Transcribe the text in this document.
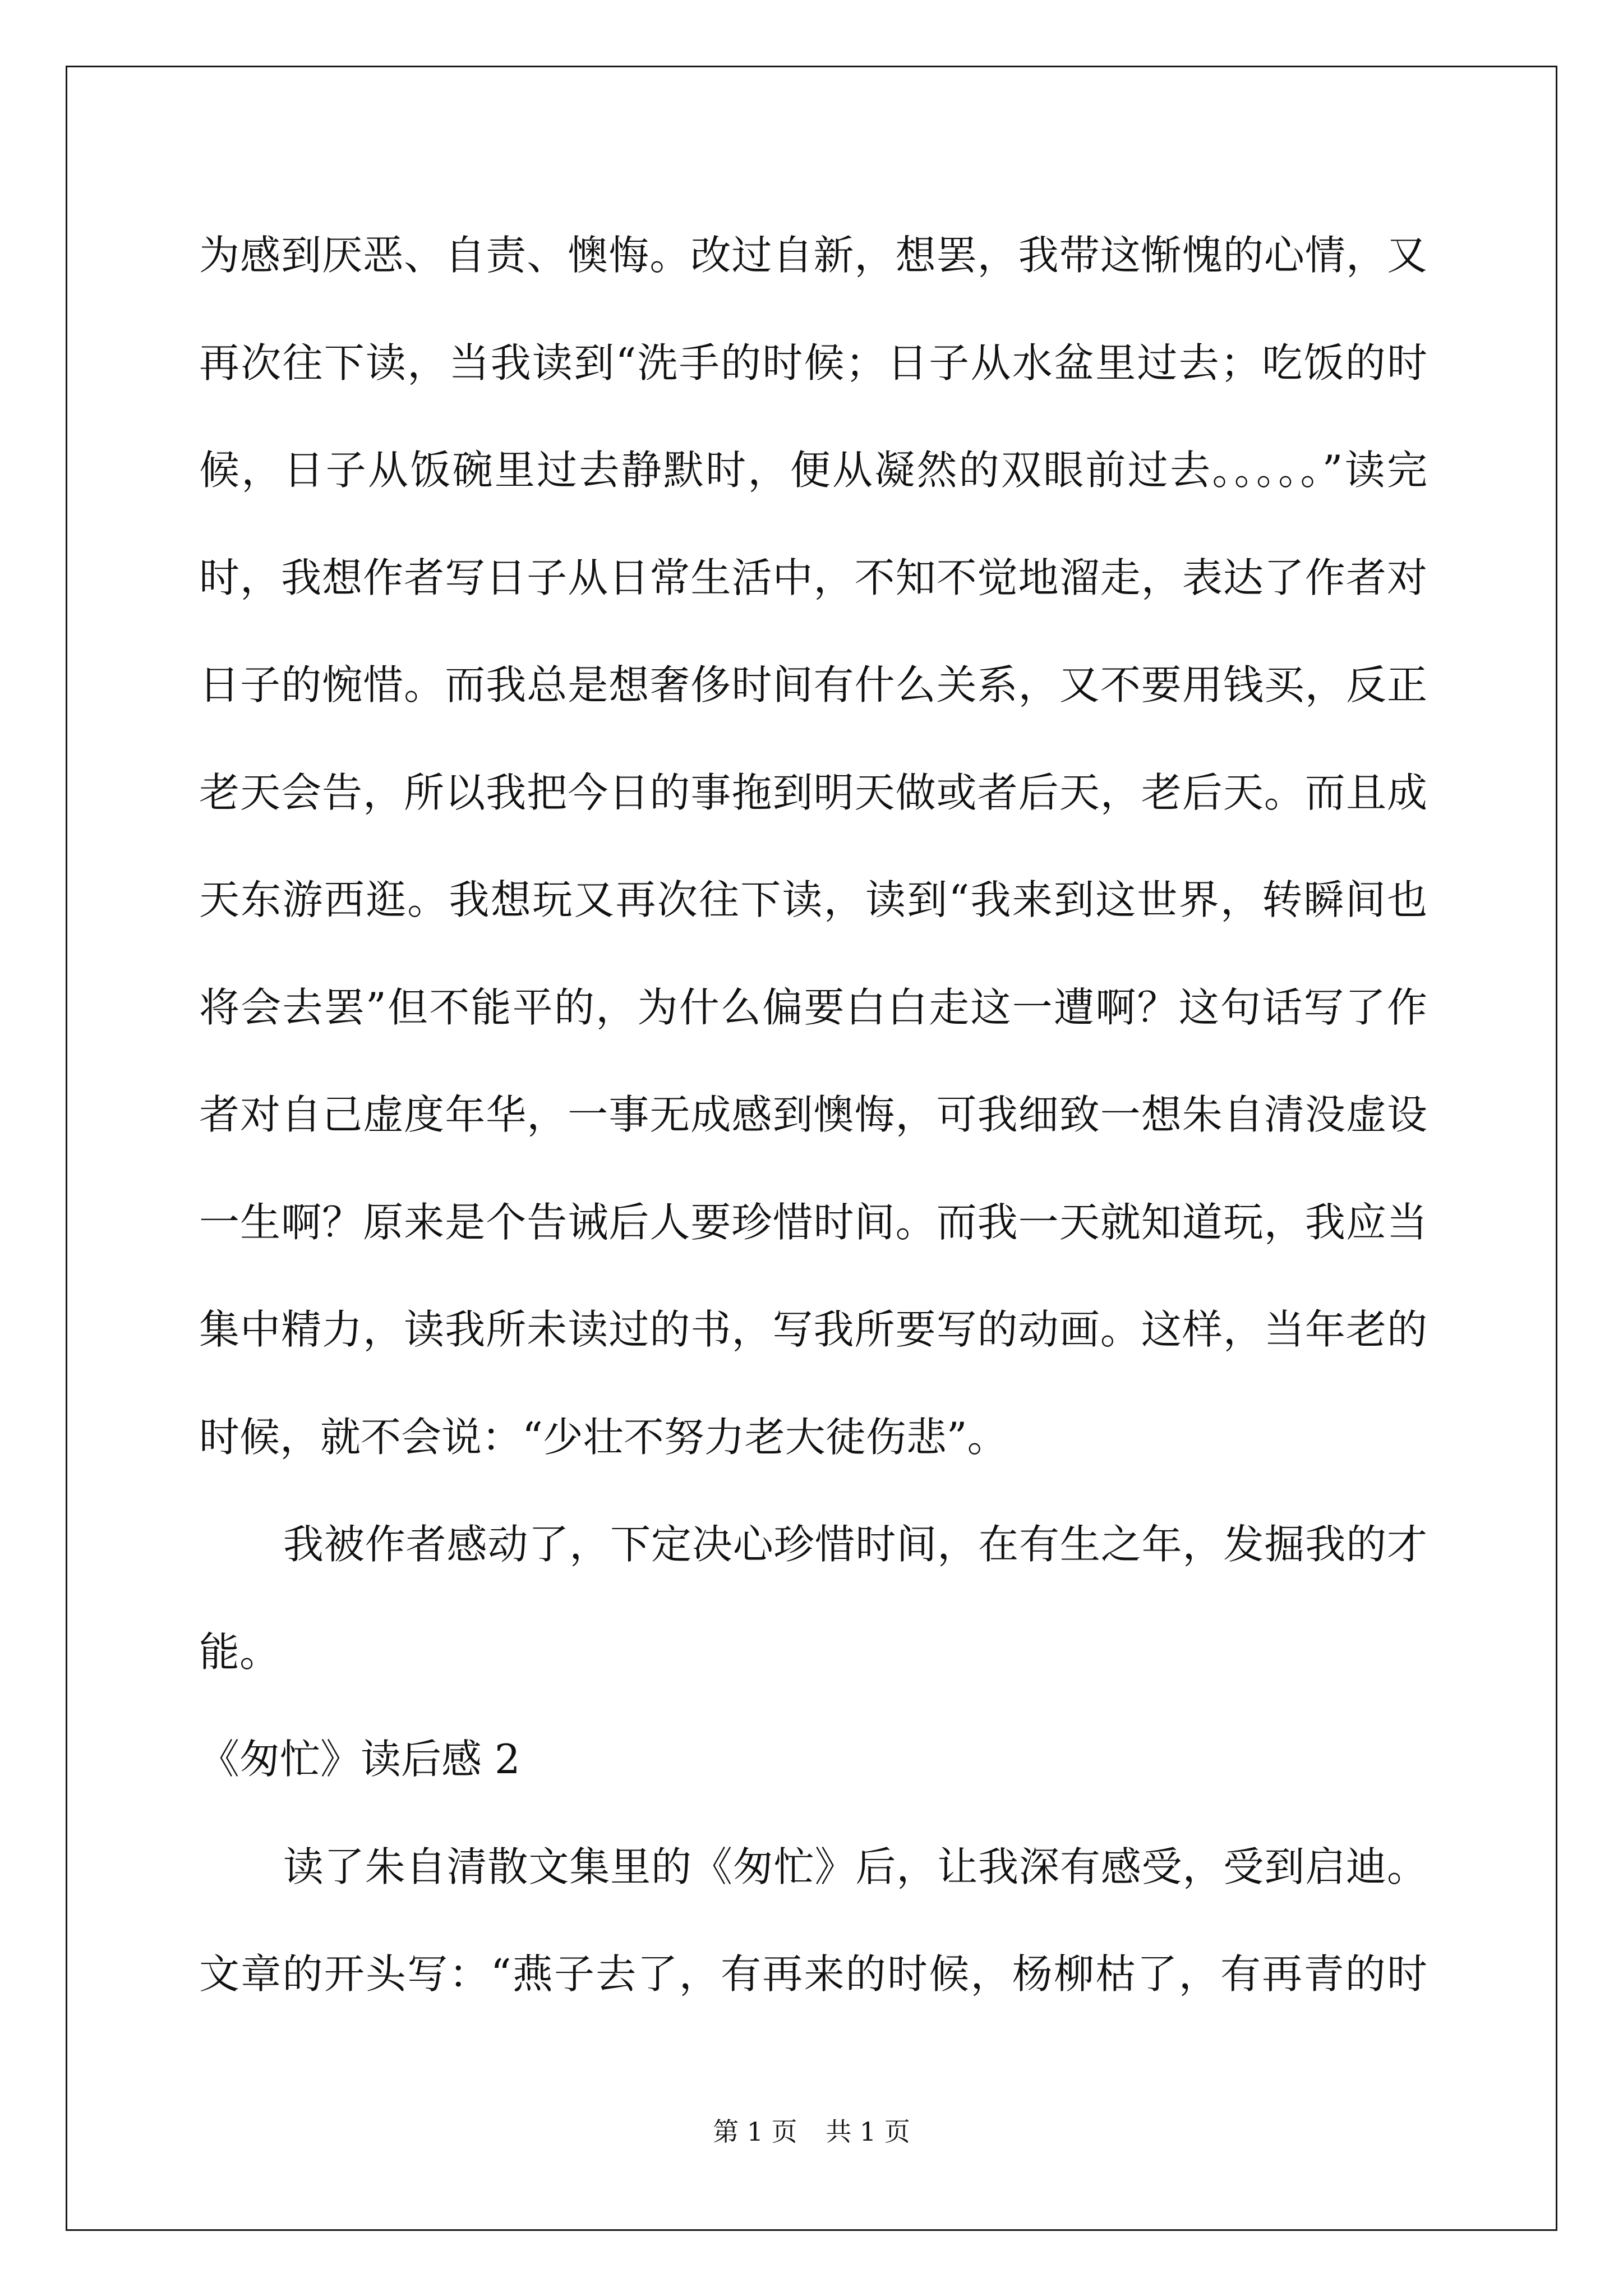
为感到厌恶、自责、懊悔。改过自新，想罢，我带这惭愧的心情，又
再次往下读，当我读到“洗手的时候；日子从水盆里过去；吃饭的时
候，日子从饭碗里过去静默时，便从凝然的双眼前过去。。。。。”读完
时，我想作者写日子从日常生活中，不知不觉地溜走，表达了作者对
日子的惋惜。而我总是想奢侈时间有什么关系，又不要用钱买，反正
老天会告，所以我把今日的事拖到明天做或者后天，老后天。而且成
天东游西逛。我想玩又再次往下读，读到“我来到这世界，转瞬间也
将会去罢”但不能平的，为什么偏要白白走这一遭啊？这句话写了作
者对自己虚度年华，一事无成感到懊悔，可我细致一想朱自清没虚设
一生啊？原来是个告诫后人要珍惜时间。而我一天就知道玩，我应当
集中精力，读我所未读过的书，写我所要写的动画。这样，当年老的
时候，就不会说：“少壮不努力老大徒伤悲”。
我被作者感动了，下定决心珍惜时间，在有生之年，发掘我的才
能。
《匆忙》读后感 2
读了朱自清散文集里的《匆忙》后，让我深有感受，受到启迪。
文章的开头写：“燕子去了，有再来的时候，杨柳枯了，有再青的时
第 1 页 共 1 页
